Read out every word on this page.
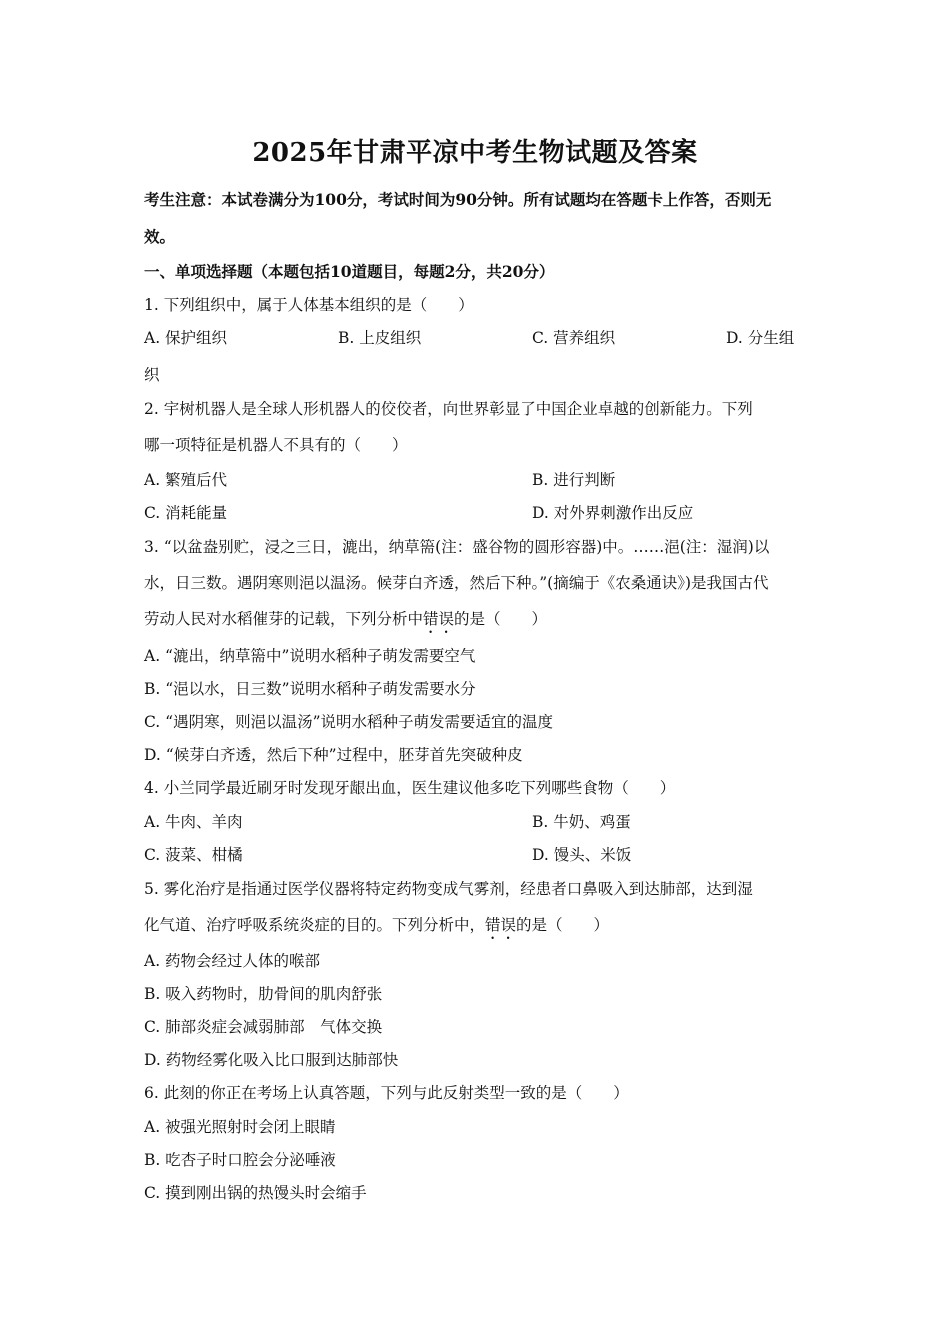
2025年甘肃平凉中考生物试题及答案
考生注意：本试卷满分为100分，考试时间为90分钟。所有试题均在答题卡上作答，否则无
效。
一、单项选择题（本题包括10道题目，每题2分，共20分）
1. 下列组织中，属于人体基本组织的是（　　）
A. 保护组织	B. 上皮组织	C. 营养组织	D. 分生组
织
2. 宇树机器人是全球人形机器人的佼佼者，向世界彰显了中国企业卓越的创新能力。下列
哪一项特征是机器人不具有的（　　）
A. 繁殖后代	B. 进行判断
C. 消耗能量	D. 对外界刺激作出反应
3. “以盆盎别贮，浸之三日，漉出，纳草篅(注：盛谷物的圆形容器)中。……浥(注：湿润)以
水，日三数。遇阴寒则浥以温汤。候芽白齐透，然后下种。”(摘编于《农桑通诀》)是我国古代
劳动人民对水稻催芽的记载，下列分析中错误的是（　　）
A. “漉出，纳草篅中”说明水稻种子萌发需要空气
B. “浥以水，日三数”说明水稻种子萌发需要水分
C. “遇阴寒，则浥以温汤”说明水稻种子萌发需要适宜的温度
D. “候芽白齐透，然后下种”过程中，胚芽首先突破种皮
4. 小兰同学最近刷牙时发现牙龈出血，医生建议他多吃下列哪些食物（　　）
A. 牛肉、羊肉	B. 牛奶、鸡蛋
C. 菠菜、柑橘	D. 馒头、米饭
5. 雾化治疗是指通过医学仪器将特定药物变成气雾剂，经患者口鼻吸入到达肺部，达到湿
化气道、治疗呼吸系统炎症的目的。下列分析中，错误的是（　　）
A. 药物会经过人体的喉部
B. 吸入药物时，肋骨间的肌肉舒张
C. 肺部炎症会减弱肺部　气体交换
D. 药物经雾化吸入比口服到达肺部快
6. 此刻的你正在考场上认真答题，下列与此反射类型一致的是（　　）
A. 被强光照射时会闭上眼睛
B. 吃杏子时口腔会分泌唾液
C. 摸到刚出锅的热馒头时会缩手
